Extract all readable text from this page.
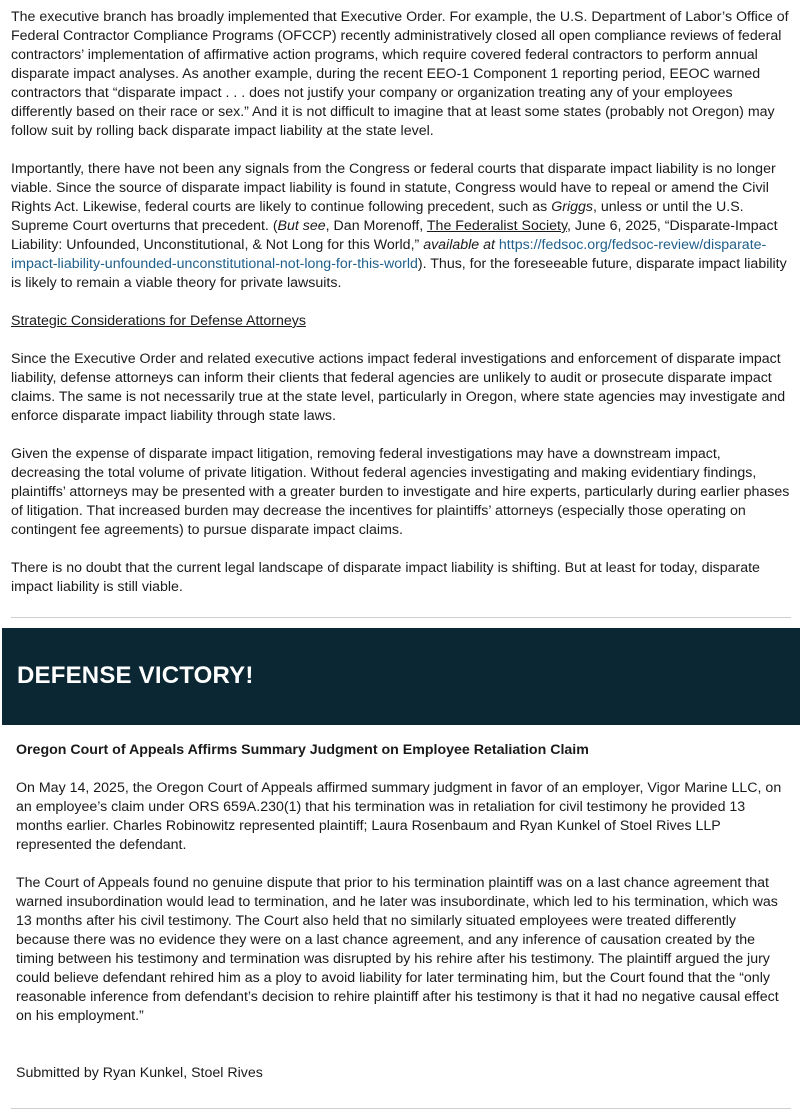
The executive branch has broadly implemented that Executive Order. For example, the U.S. Department of Labor’s Office of Federal Contractor Compliance Programs (OFCCP) recently administratively closed all open compliance reviews of federal contractors’ implementation of affirmative action programs, which require covered federal contractors to perform annual disparate impact analyses. As another example, during the recent EEO-1 Component 1 reporting period, EEOC warned contractors that “disparate impact . . . does not justify your company or organization treating any of your employees differently based on their race or sex.” And it is not difficult to imagine that at least some states (probably not Oregon) may follow suit by rolling back disparate impact liability at the state level.

Importantly, there have not been any signals from the Congress or federal courts that disparate impact liability is no longer viable. Since the source of disparate impact liability is found in statute, Congress would have to repeal or amend the Civil Rights Act. Likewise, federal courts are likely to continue following precedent, such as Griggs, unless or until the U.S. Supreme Court overturns that precedent. (But see, Dan Morenoff, The Federalist Society, June 6, 2025, “Disparate-Impact Liability: Unfounded, Unconstitutional, & Not Long for this World,” available at https://fedsoc.org/fedsoc-review/disparate-impact-liability-unfounded-unconstitutional-not-long-for-this-world). Thus, for the foreseeable future, disparate impact liability is likely to remain a viable theory for private lawsuits.

Strategic Considerations for Defense Attorneys

Since the Executive Order and related executive actions impact federal investigations and enforcement of disparate impact liability, defense attorneys can inform their clients that federal agencies are unlikely to audit or prosecute disparate impact claims. The same is not necessarily true at the state level, particularly in Oregon, where state agencies may investigate and enforce disparate impact liability through state laws.

Given the expense of disparate impact litigation, removing federal investigations may have a downstream impact, decreasing the total volume of private litigation. Without federal agencies investigating and making evidentiary findings, plaintiffs’ attorneys may be presented with a greater burden to investigate and hire experts, particularly during earlier phases of litigation. That increased burden may decrease the incentives for plaintiffs’ attorneys (especially those operating on contingent fee agreements) to pursue disparate impact claims.

There is no doubt that the current legal landscape of disparate impact liability is shifting. But at least for today, disparate impact liability is still viable.

DEFENSE VICTORY!
Oregon Court of Appeals Affirms Summary Judgment on Employee Retaliation Claim

On May 14, 2025, the Oregon Court of Appeals affirmed summary judgment in favor of an employer, Vigor Marine LLC, on an employee’s claim under ORS 659A.230(1) that his termination was in retaliation for civil testimony he provided 13 months earlier. Charles Robinowitz represented plaintiff; Laura Rosenbaum and Ryan Kunkel of Stoel Rives LLP represented the defendant.

The Court of Appeals found no genuine dispute that prior to his termination plaintiff was on a last chance agreement that warned insubordination would lead to termination, and he later was insubordinate, which led to his termination, which was 13 months after his civil testimony. The Court also held that no similarly situated employees were treated differently because there was no evidence they were on a last chance agreement, and any inference of causation created by the timing between his testimony and termination was disrupted by his rehire after his testimony. The plaintiff argued the jury could believe defendant rehired him as a ploy to avoid liability for later terminating him, but the Court found that the “only reasonable inference from defendant’s decision to rehire plaintiff after his testimony is that it had no negative causal effect on his employment.”

Submitted by Ryan Kunkel, Stoel Rives
